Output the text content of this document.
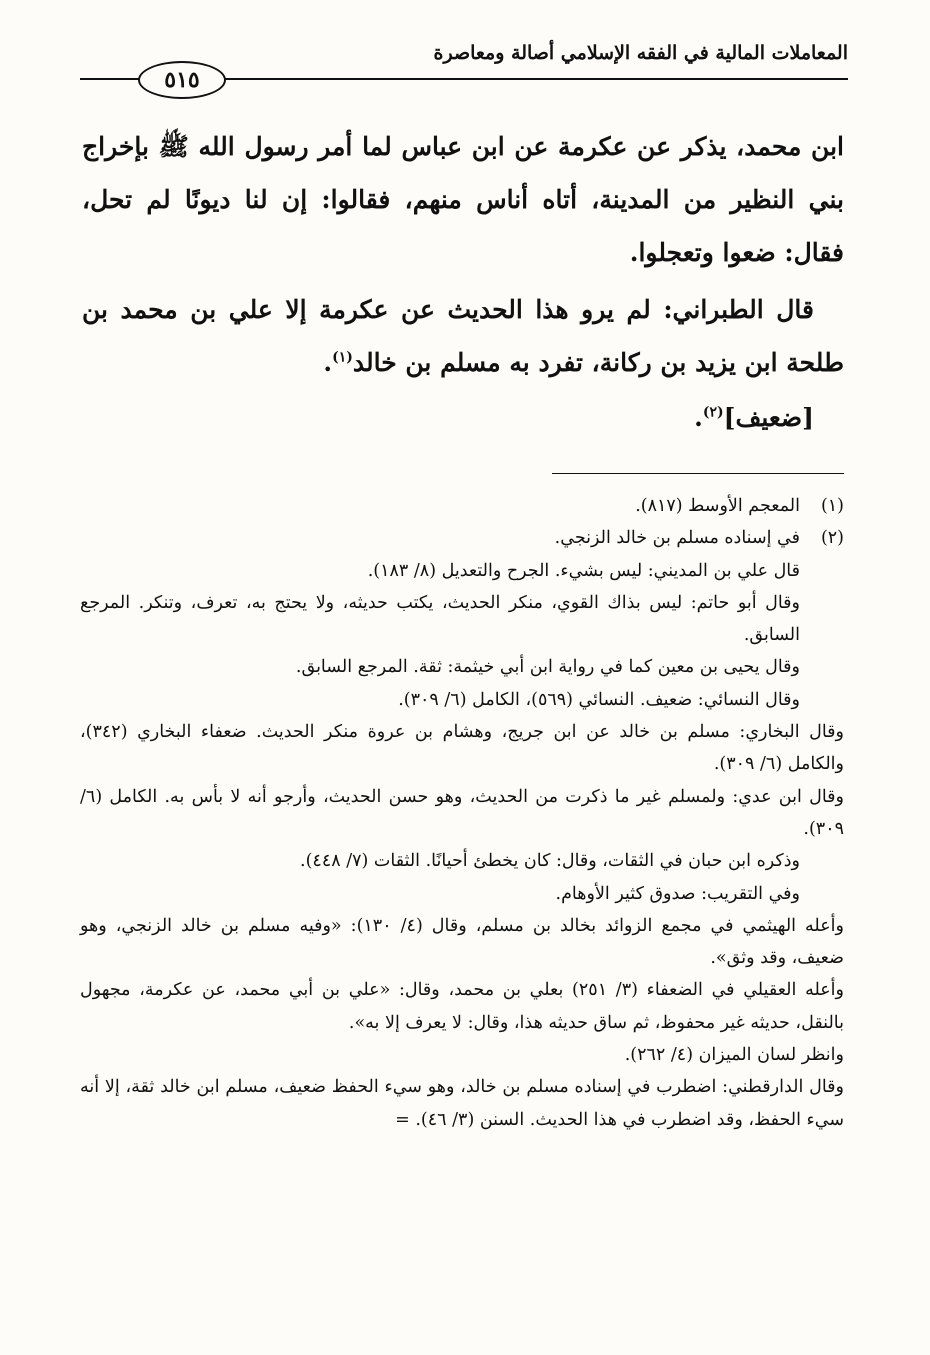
المعاملات المالية في الفقه الإسلامي أصالة ومعاصرة
٥١٥

ابن محمد، يذكر عن عكرمة عن ابن عباس لما أمر رسول الله ﷺ بإخراج بني النظير من المدينة، أتاه أناس منهم، فقالوا: إن لنا ديونًا لم تحل، فقال: ضعوا وتعجلوا.

قال الطبراني: لم يرو هذا الحديث عن عكرمة إلا علي بن محمد بن طلحة ابن يزيد بن ركانة، تفرد به مسلم بن خالد$^{(١)}$.

[ضعيف]$^{(٢)}$.

(١)المعجم الأوسط (٨١٧).

(٢)في إسناده مسلم بن خالد الزنجي.

قال علي بن المديني: ليس بشيء. الجرح والتعديل (٨/ ١٨٣).

وقال أبو حاتم: ليس بذاك القوي، منكر الحديث، يكتب حديثه، ولا يحتج به، تعرف، وتنكر. المرجع السابق.

وقال يحيى بن معين كما في رواية ابن أبي خيثمة: ثقة. المرجع السابق.

وقال النسائي: ضعيف. النسائي (٥٦٩)، الكامل (٦/ ٣٠٩).

وقال البخاري: مسلم بن خالد عن ابن جريج، وهشام بن عروة منكر الحديث. ضعفاء البخاري (٣٤٢)، والكامل (٦/ ٣٠٩).

وقال ابن عدي: ولمسلم غير ما ذكرت من الحديث، وهو حسن الحديث، وأرجو أنه لا بأس به. الكامل (٦/ ٣٠٩).

وذكره ابن حبان في الثقات، وقال: كان يخطئ أحيانًا. الثقات (٧/ ٤٤٨).

وفي التقريب: صدوق كثير الأوهام.

وأعله الهيثمي في مجمع الزوائد بخالد بن مسلم، وقال (٤/ ١٣٠): «وفيه مسلم بن خالد الزنجي، وهو ضعيف، وقد وثق».

وأعله العقيلي في الضعفاء (٣/ ٢٥١) بعلي بن محمد، وقال: «علي بن أبي محمد، عن عكرمة، مجهول بالنقل، حديثه غير محفوظ، ثم ساق حديثه هذا، وقال: لا يعرف إلا به».

وانظر لسان الميزان (٤/ ٢٦٢).

وقال الدارقطني: اضطرب في إسناده مسلم بن خالد، وهو سيء الحفظ ضعيف، مسلم ابن خالد ثقة، إلا أنه سيء الحفظ، وقد اضطرب في هذا الحديث. السنن (٣/ ٤٦). =
